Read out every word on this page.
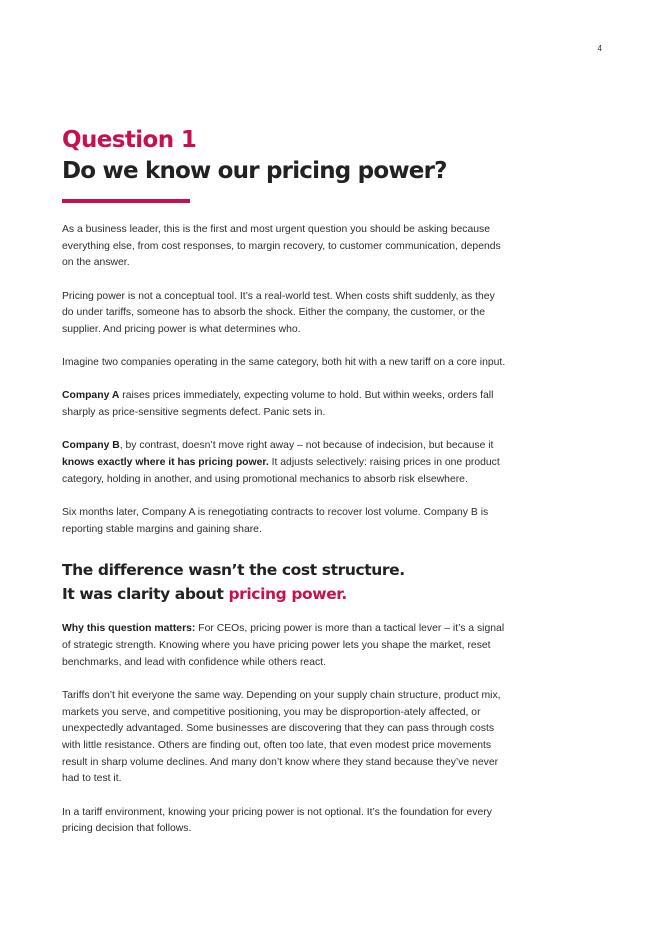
4
Question 1
Do we know our pricing power?

As a business leader, this is the first and most urgent question you should be asking because everything else, from cost responses, to margin recovery, to customer communication, depends on the answer.

Pricing power is not a conceptual tool. It’s a real-world test. When costs shift suddenly, as they do under tariffs, someone has to absorb the shock. Either the company, the customer, or the supplier. And pricing power is what determines who.

Imagine two companies operating in the same category, both hit with a new tariff on a core input.

Company A raises prices immediately, expecting volume to hold. But within weeks, orders fall sharply as price-sensitive segments defect. Panic sets in.

Company B, by contrast, doesn’t move right away – not because of indecision, but because it knows exactly where it has pricing power. It adjusts selectively: raising prices in one product category, holding in another, and using promotional mechanics to absorb risk elsewhere.

Six months later, Company A is renegotiating contracts to recover lost volume. Company B is reporting stable margins and gaining share.

The difference wasn’t the cost structure.
It was clarity about pricing power.

Why this question matters: For CEOs, pricing power is more than a tactical lever – it’s a signal of strategic strength. Knowing where you have pricing power lets you shape the market, reset benchmarks, and lead with confidence while others react.

Tariffs don’t hit everyone the same way. Depending on your supply chain structure, product mix, markets you serve, and competitive positioning, you may be disproportion-ately affected, or unexpectedly advantaged. Some businesses are discovering that they can pass through costs with little resistance. Others are finding out, often too late, that even modest price movements result in sharp volume declines. And many don’t know where they stand because they’ve never had to test it.

In a tariff environment, knowing your pricing power is not optional. It’s the foundation for every pricing decision that follows.
